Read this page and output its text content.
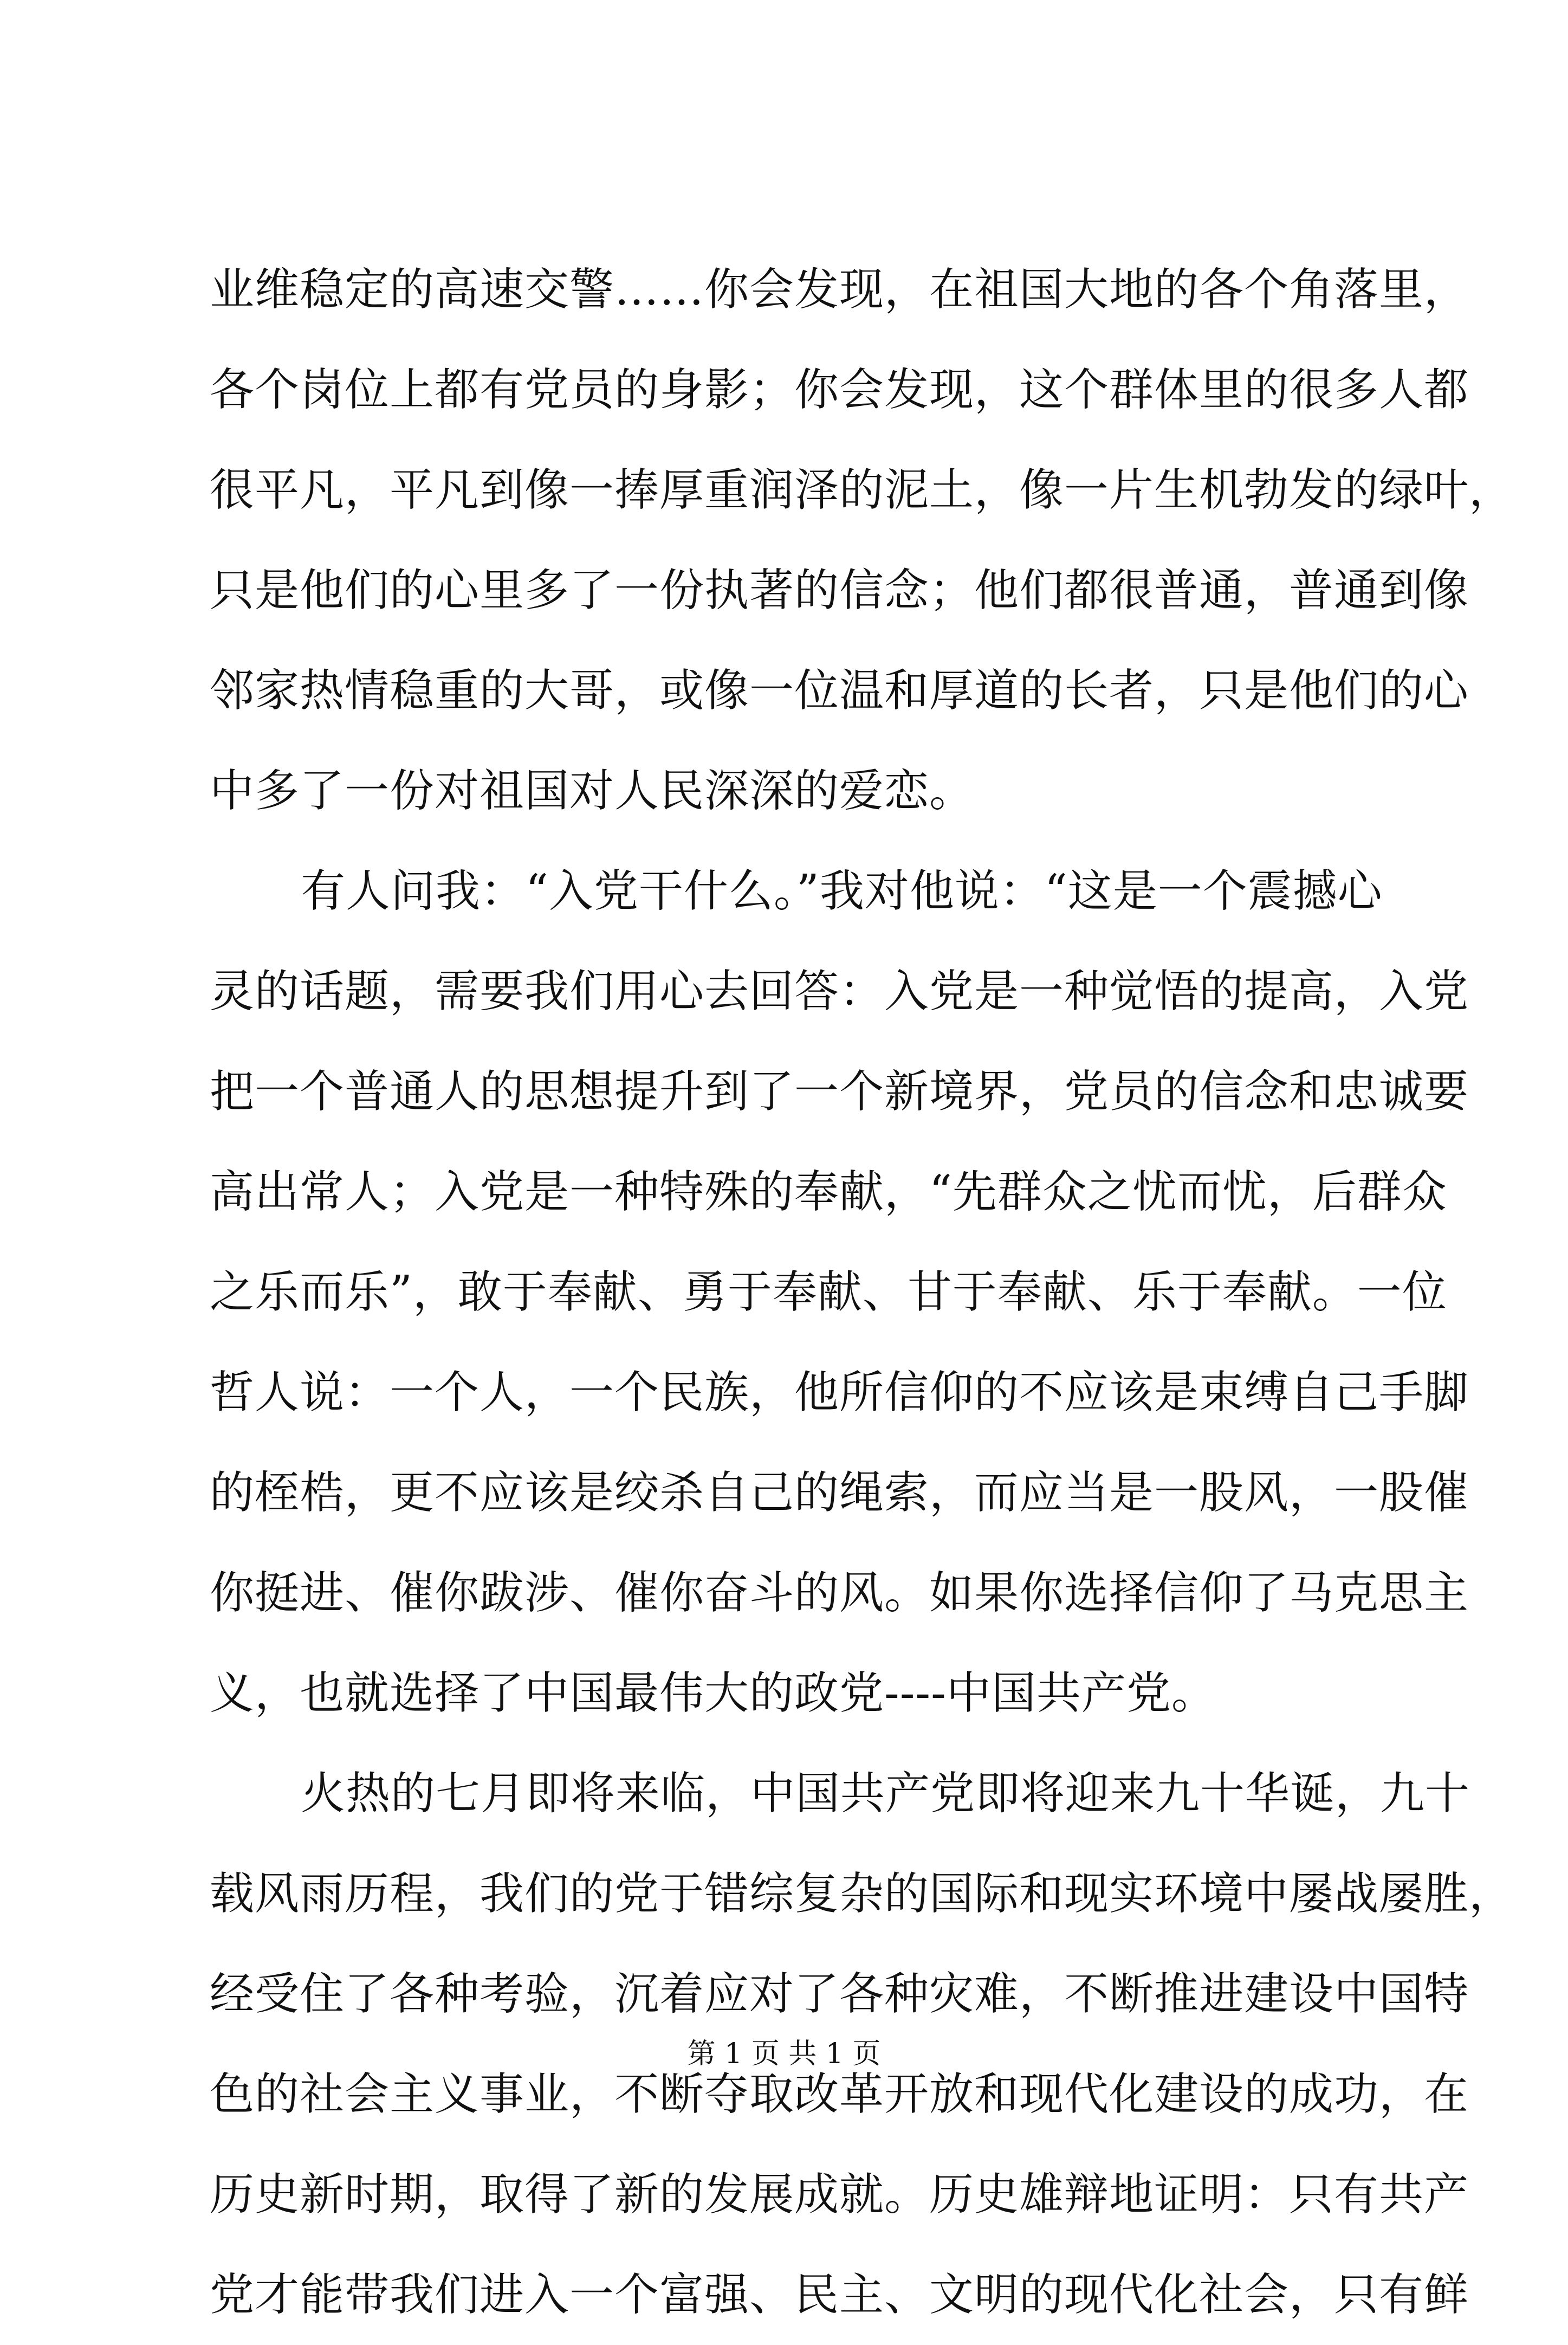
业维稳定的高速交警……你会发现，在祖国大地的各个角落里，
各个岗位上都有党员的身影；你会发现，这个群体里的很多人都
很平凡，平凡到像一捧厚重润泽的泥土，像一片生机勃发的绿叶，
只是他们的心里多了一份执著的信念；他们都很普通，普通到像
邻家热情稳重的大哥，或像一位温和厚道的长者，只是他们的心
中多了一份对祖国对人民深深的爱恋。
有人问我：“入党干什么。”我对他说：“这是一个震撼心
灵的话题，需要我们用心去回答：入党是一种觉悟的提高，入党
把一个普通人的思想提升到了一个新境界，党员的信念和忠诚要
高出常人；入党是一种特殊的奉献，“先群众之忧而忧，后群众
之乐而乐”，敢于奉献、勇于奉献、甘于奉献、乐于奉献。一位
哲人说：一个人，一个民族，他所信仰的不应该是束缚自己手脚
的桎梏，更不应该是绞杀自己的绳索，而应当是一股风，一股催
你挺进、催你跋涉、催你奋斗的风。如果你选择信仰了马克思主
义，也就选择了中国最伟大的政党----中国共产党。
火热的七月即将来临，中国共产党即将迎来九十华诞，九十
载风雨历程，我们的党于错综复杂的国际和现实环境中屡战屡胜，
经受住了各种考验，沉着应对了各种灾难，不断推进建设中国特
色的社会主义事业，不断夺取改革开放和现代化建设的成功，在
历史新时期，取得了新的发展成就。历史雄辩地证明：只有共产
党才能带我们进入一个富强、民主、文明的现代化社会，只有鲜
第 1 页 共 1 页
